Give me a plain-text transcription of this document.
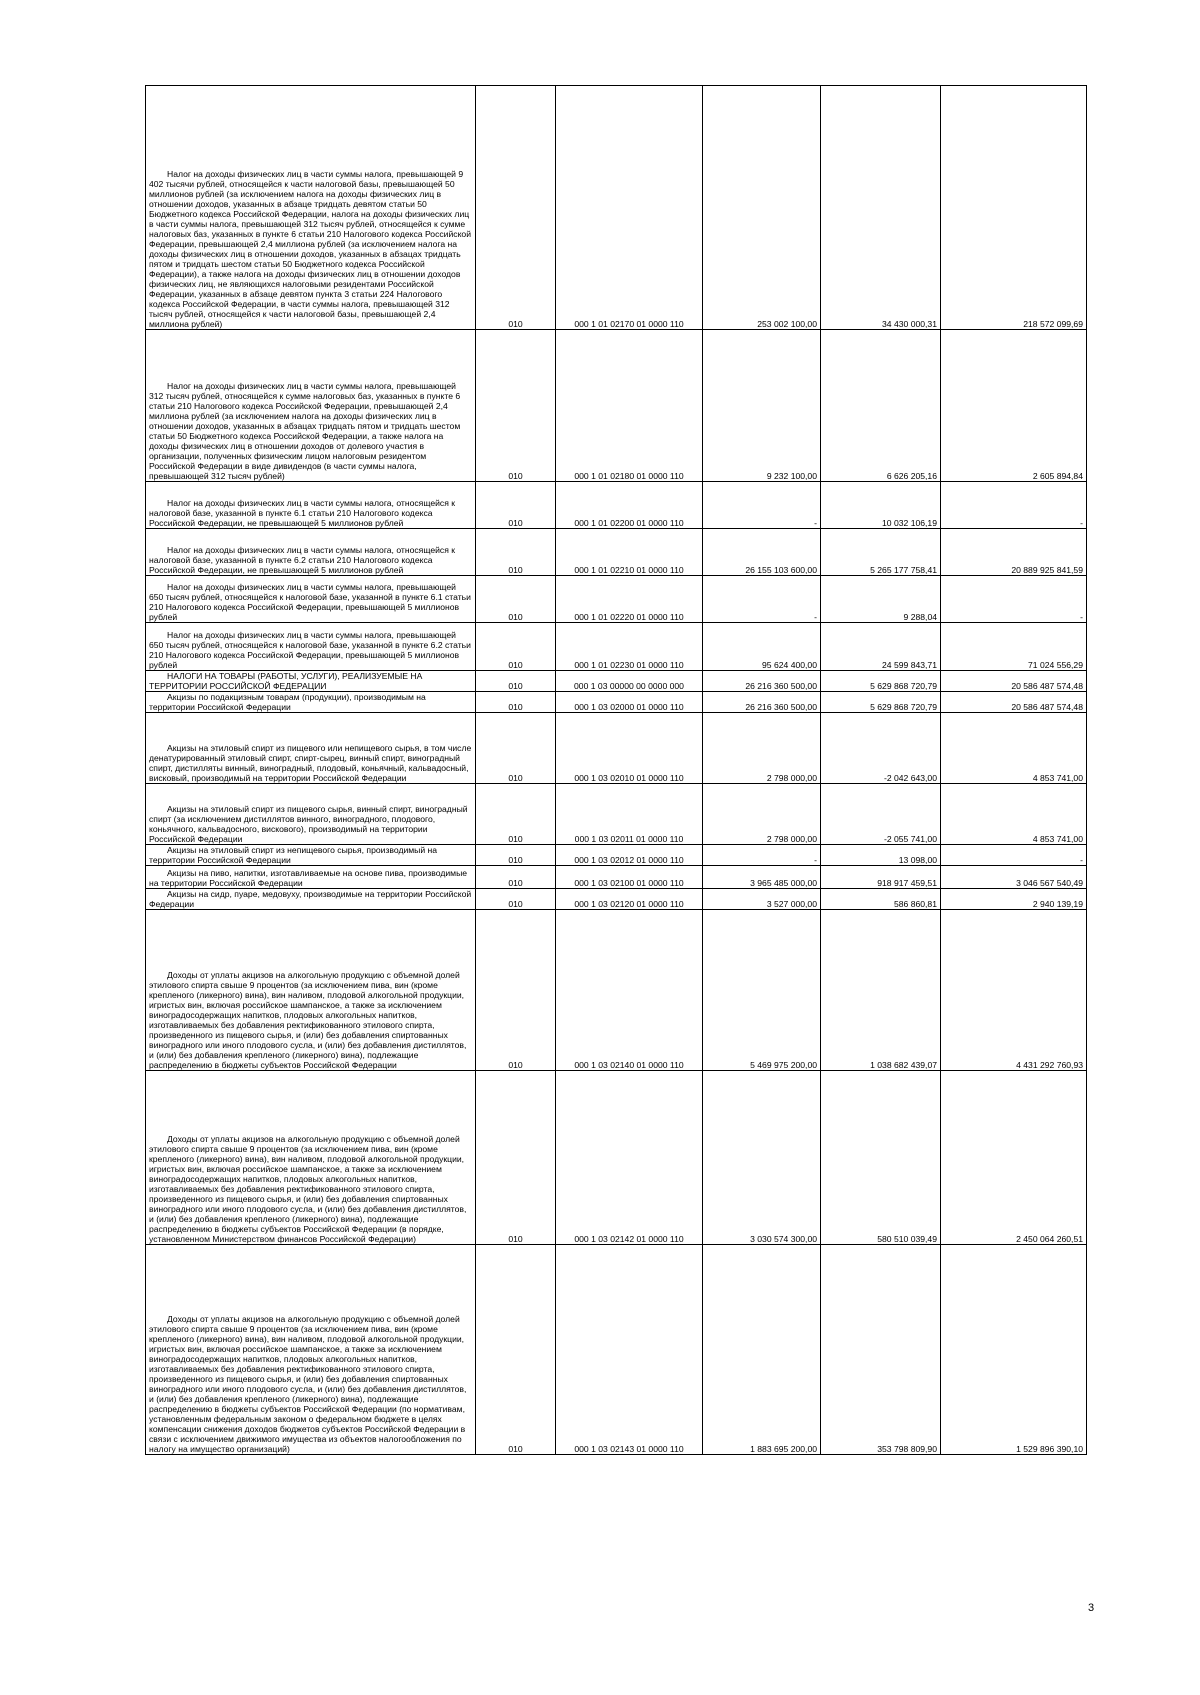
Налог на доходы физических лиц в части суммы налога, превышающей 9 402 тысячи рублей, относящейся к части налоговой базы, превышающей 50 миллионов рублей (за исключением налога на доходы физических лиц в отношении доходов, указанных в абзаце тридцать девятом статьи 50 Бюджетного кодекса Российской Федерации, налога на доходы физических лиц в части суммы налога, превышающей 312 тысяч рублей, относящейся к сумме налоговых баз, указанных в пункте 6 статьи 210 Налогового кодекса Российской Федерации, превышающей 2,4 миллиона рублей (за исключением налога на доходы физических лиц в отношении доходов, указанных в абзацах тридцать пятом и тридцать шестом статьи 50 Бюджетного кодекса Российской Федерации), а также налога на доходы физических лиц в отношении доходов физических лиц, не являющихся налоговыми резидентами Российской Федерации, указанных в абзаце девятом пункта 3 статьи 224 Налогового кодекса Российской Федерации, в части суммы налога, превышающей 312 тысяч рублей, относящейся к части налоговой базы, превышающей 2,4 миллиона рублей)	010	000 1 01 02170 01 0000 110	253 002 100,00	34 430 000,31	218 572 099,69
Налог на доходы физических лиц в части суммы налога, превышающей 312 тысяч рублей, относящейся к сумме налоговых баз, указанных в пункте 6 статьи 210 Налогового кодекса Российской Федерации, превышающей 2,4 миллиона рублей (за исключением налога на доходы физических лиц в отношении доходов, указанных в абзацах тридцать пятом и тридцать шестом статьи 50 Бюджетного кодекса Российской Федерации, а также налога на доходы физических лиц в отношении доходов от долевого участия в организации, полученных физическим лицом налоговым резидентом Российской Федерации в виде дивидендов (в части суммы налога, превышающей 312 тысяч рублей)	010	000 1 01 02180 01 0000 110	9 232 100,00	6 626 205,16	2 605 894,84
Налог на доходы физических лиц в части суммы налога, относящейся к налоговой базе, указанной в пункте 6.1 статьи 210 Налогового кодекса Российской Федерации, не превышающей 5 миллионов рублей	010	000 1 01 02200 01 0000 110	-	10 032 106,19	-
Налог на доходы физических лиц в части суммы налога, относящейся к налоговой базе, указанной в пункте 6.2 статьи 210 Налогового кодекса Российской Федерации, не превышающей 5 миллионов рублей	010	000 1 01 02210 01 0000 110	26 155 103 600,00	5 265 177 758,41	20 889 925 841,59
Налог на доходы физических лиц в части суммы налога, превышающей 650 тысяч рублей, относящейся к налоговой базе, указанной в пункте 6.1 статьи 210 Налогового кодекса Российской Федерации, превышающей 5 миллионов рублей	010	000 1 01 02220 01 0000 110	-	9 288,04	-
Налог на доходы физических лиц в части суммы налога, превышающей 650 тысяч рублей, относящейся к налоговой базе, указанной в пункте 6.2 статьи 210 Налогового кодекса Российской Федерации, превышающей 5 миллионов рублей	010	000 1 01 02230 01 0000 110	95 624 400,00	24 599 843,71	71 024 556,29
НАЛОГИ НА ТОВАРЫ (РАБОТЫ, УСЛУГИ), РЕАЛИЗУЕМЫЕ НА ТЕРРИТОРИИ РОССИЙСКОЙ ФЕДЕРАЦИИ	010	000 1 03 00000 00 0000 000	26 216 360 500,00	5 629 868 720,79	20 586 487 574,48
Акцизы по подакцизным товарам (продукции), производимым на территории Российской Федерации	010	000 1 03 02000 01 0000 110	26 216 360 500,00	5 629 868 720,79	20 586 487 574,48
Акцизы на этиловый спирт из пищевого или непищевого сырья, в том числе денатурированный этиловый спирт, спирт-сырец, винный спирт, виноградный спирт, дистилляты винный, виноградный, плодовый, коньячный, кальвадосный, висковый, производимый на территории Российской Федерации	010	000 1 03 02010 01 0000 110	2 798 000,00	-2 042 643,00	4 853 741,00
Акцизы на этиловый спирт из пищевого сырья, винный спирт, виноградный спирт (за исключением дистиллятов винного, виноградного, плодового, коньячного, кальвадосного, вискового), производимый на территории Российской Федерации	010	000 1 03 02011 01 0000 110	2 798 000,00	-2 055 741,00	4 853 741,00
Акцизы на этиловый спирт из непищевого сырья, производимый на территории Российской Федерации	010	000 1 03 02012 01 0000 110	-	13 098,00	-
Акцизы на пиво, напитки, изготавливаемые на основе пива, производимые на территории Российской Федерации	010	000 1 03 02100 01 0000 110	3 965 485 000,00	918 917 459,51	3 046 567 540,49
Акцизы на сидр, пуаре, медовуху, производимые на территории Российской Федерации	010	000 1 03 02120 01 0000 110	3 527 000,00	586 860,81	2 940 139,19
Доходы от уплаты акцизов на алкогольную продукцию с объемной долей этилового спирта свыше 9 процентов (за исключением пива, вин (кроме крепленого (ликерного) вина), вин наливом, плодовой алкогольной продукции, игристых вин, включая российское шампанское, а также за исключением виноградосодержащих напитков, плодовых алкогольных напитков, изготавливаемых без добавления ректификованного этилового спирта, произведенного из пищевого сырья, и (или) без добавления спиртованных виноградного или иного плодового сусла, и (или) без добавления дистиллятов, и (или) без добавления крепленого (ликерного) вина), подлежащие распределению в бюджеты субъектов Российской Федерации	010	000 1 03 02140 01 0000 110	5 469 975 200,00	1 038 682 439,07	4 431 292 760,93
Доходы от уплаты акцизов на алкогольную продукцию с объемной долей этилового спирта свыше 9 процентов (за исключением пива, вин (кроме крепленого (ликерного) вина), вин наливом, плодовой алкогольной продукции, игристых вин, включая российское шампанское, а также за исключением виноградосодержащих напитков, плодовых алкогольных напитков, изготавливаемых без добавления ректификованного этилового спирта, произведенного из пищевого сырья, и (или) без добавления спиртованных виноградного или иного плодового сусла, и (или) без добавления дистиллятов, и (или) без добавления крепленого (ликерного) вина), подлежащие распределению в бюджеты субъектов Российской Федерации (в порядке, установленном Министерством финансов Российской Федерации)	010	000 1 03 02142 01 0000 110	3 030 574 300,00	580 510 039,49	2 450 064 260,51
Доходы от уплаты акцизов на алкогольную продукцию с объемной долей этилового спирта свыше 9 процентов (за исключением пива, вин (кроме крепленого (ликерного) вина), вин наливом, плодовой алкогольной продукции, игристых вин, включая российское шампанское, а также за исключением виноградосодержащих напитков, плодовых алкогольных напитков, изготавливаемых без добавления ректификованного этилового спирта, произведенного из пищевого сырья, и (или) без добавления спиртованных виноградного или иного плодового сусла, и (или) без добавления дистиллятов, и (или) без добавления крепленого (ликерного) вина), подлежащие распределению в бюджеты субъектов Российской Федерации (по нормативам, установленным федеральным законом о федеральном бюджете в целях компенсации снижения доходов бюджетов субъектов Российской Федерации в связи с исключением движимого имущества из объектов налогообложения по налогу на имущество организаций)	010	000 1 03 02143 01 0000 110	1 883 695 200,00	353 798 809,90	1 529 896 390,10
3
